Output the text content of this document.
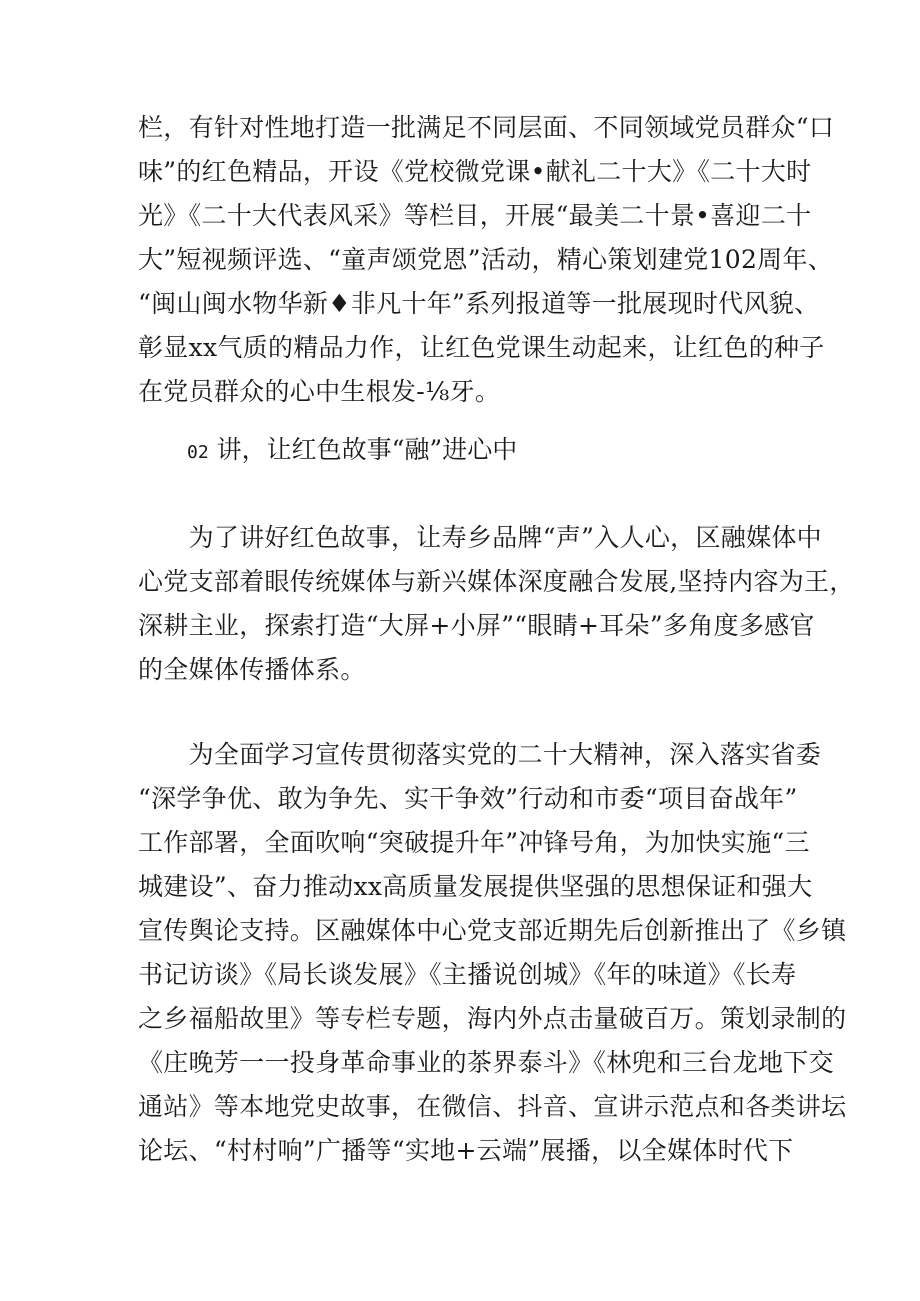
栏，有针对性地打造一批满足不同层面、不同领域党员群众“口
味”的红色精品，开设《党校微党课•献礼二十大》《二十大时
光》《二十大代表风采》等栏目，开展“最美二十景•喜迎二十
大”短视频评选、“童声颂党恩”活动，精心策划建党102周年、
“闽山闽水物华新♦非凡十年”系列报道等一批展现时代风貌、
彰显xx气质的精品力作，让红色党课生动起来，让红色的种子
在党员群众的心中生根发-⅛牙。
02 讲，让红色故事“融”进心中
　　为了讲好红色故事，让寿乡品牌“声”入人心，区融媒体中
心党支部着眼传统媒体与新兴媒体深度融合发展,坚持内容为王，
深耕主业，探索打造“大屏+小屏”“眼睛+耳朵”多角度多感官
的全媒体传播体系。
　　为全面学习宣传贯彻落实党的二十大精神，深入落实省委
“深学争优、敢为争先、实干争效”行动和市委“项目奋战年”
工作部署，全面吹响“突破提升年”冲锋号角，为加快实施“三
城建设”、奋力推动xx高质量发展提供坚强的思想保证和强大
宣传舆论支持。区融媒体中心党支部近期先后创新推出了《乡镇
书记访谈》《局长谈发展》《主播说创城》《年的味道》《长寿
之乡福船故里》等专栏专题，海内外点击量破百万。策划录制的
《庄晚芳一一投身革命事业的茶界泰斗》《林兜和三台龙地下交
通站》等本地党史故事，在微信、抖音、宣讲示范点和各类讲坛
论坛、“村村响”广播等“实地+云端”展播，以全媒体时代下
